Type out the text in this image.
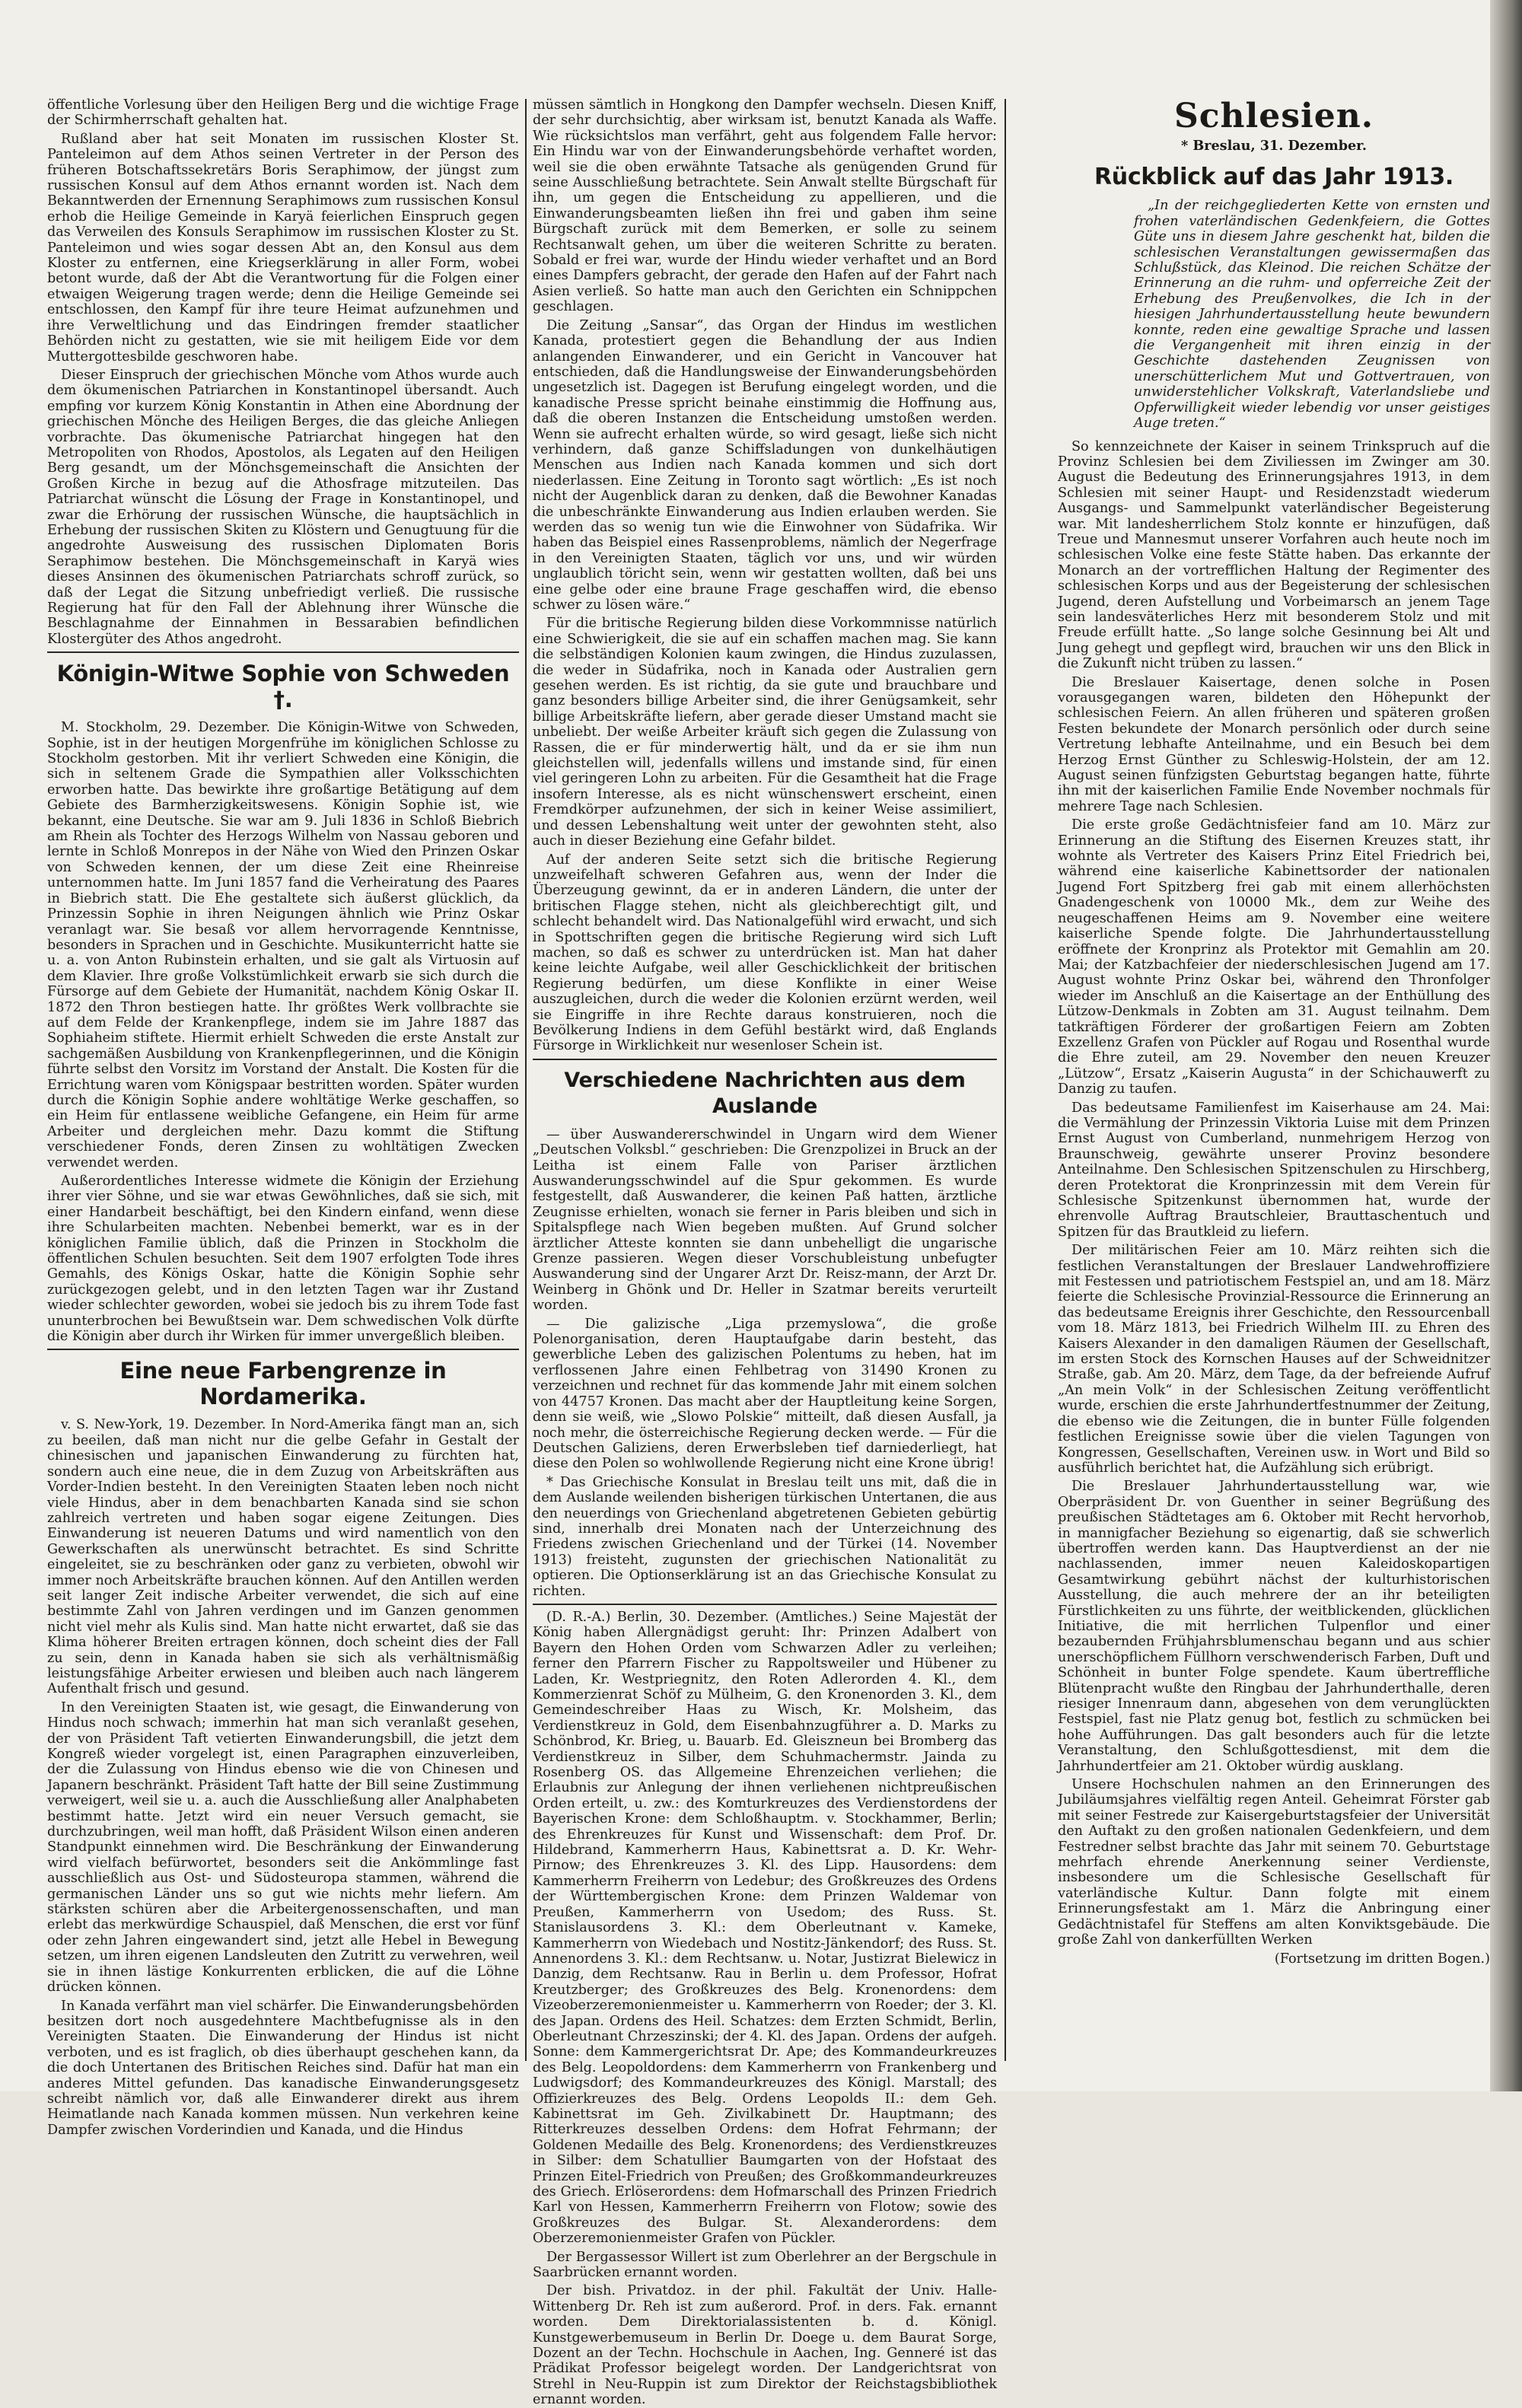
öffentliche Vorlesung über den Heiligen Berg und die wichtige Frage der Schirmherrschaft gehalten hat.

Rußland aber hat seit Monaten im russischen Kloster St. Panteleimon auf dem Athos seinen Vertreter in der Person des früheren Botschaftssekretärs Boris Seraphimow, der jüngst zum russischen Konsul auf dem Athos ernannt worden ist. Nach dem Bekanntwerden der Ernennung Seraphimows zum russischen Konsul erhob die Heilige Gemeinde in Karyä feierlichen Einspruch gegen das Verweilen des Konsuls Seraphimow im russischen Kloster zu St. Panteleimon und wies sogar dessen Abt an, den Konsul aus dem Kloster zu entfernen, eine Kriegserklärung in aller Form, wobei betont wurde, daß der Abt die Verantwortung für die Folgen einer etwaigen Weigerung tragen werde; denn die Heilige Gemeinde sei entschlossen, den Kampf für ihre teure Heimat aufzunehmen und ihre Verweltlichung und das Eindringen fremder staatlicher Behörden nicht zu gestatten, wie sie mit heiligem Eide vor dem Muttergottesbilde geschworen habe.

Dieser Einspruch der griechischen Mönche vom Athos wurde auch dem ökumenischen Patriarchen in Konstantinopel übersandt. Auch empfing vor kurzem König Konstantin in Athen eine Abordnung der griechischen Mönche des Heiligen Berges, die das gleiche Anliegen vorbrachte. Das ökumenische Patriarchat hingegen hat den Metropoliten von Rhodos, Apostolos, als Legaten auf den Heiligen Berg gesandt, um der Mönchsgemeinschaft die Ansichten der Großen Kirche in bezug auf die Athosfrage mitzuteilen. Das Patriarchat wünscht die Lösung der Frage in Konstantinopel, und zwar die Erhörung der russischen Wünsche, die hauptsächlich in Erhebung der russischen Skiten zu Klöstern und Genugtuung für die angedrohte Ausweisung des russischen Diplomaten Boris Seraphimow bestehen. Die Mönchsgemeinschaft in Karyä wies dieses Ansinnen des ökumenischen Patriarchats schroff zurück, so daß der Legat die Sitzung unbefriedigt verließ. Die russische Regierung hat für den Fall der Ablehnung ihrer Wünsche die Beschlagnahme der Einnahmen in Bessarabien befindlichen Klostergüter des Athos angedroht.

Königin-Witwe Sophie von Schweden †.

M. Stockholm, 29. Dezember. Die Königin-Witwe von Schweden, Sophie, ist in der heutigen Morgenfrühe im königlichen Schlosse zu Stockholm gestorben. Mit ihr verliert Schweden eine Königin, die sich in seltenem Grade die Sympathien aller Volksschichten erworben hatte. Das bewirkte ihre großartige Betätigung auf dem Gebiete des Barmherzigkeitswesens. Königin Sophie ist, wie bekannt, eine Deutsche. Sie war am 9. Juli 1836 in Schloß Biebrich am Rhein als Tochter des Herzogs Wilhelm von Nassau geboren und lernte in Schloß Monrepos in der Nähe von Wied den Prinzen Oskar von Schweden kennen, der um diese Zeit eine Rheinreise unternommen hatte. Im Juni 1857 fand die Verheiratung des Paares in Biebrich statt. Die Ehe gestaltete sich äußerst glücklich, da Prinzessin Sophie in ihren Neigungen ähnlich wie Prinz Oskar veranlagt war. Sie besaß vor allem hervorragende Kenntnisse, besonders in Sprachen und in Geschichte. Musikunterricht hatte sie u. a. von Anton Rubinstein erhalten, und sie galt als Virtuosin auf dem Klavier. Ihre große Volkstümlichkeit erwarb sie sich durch die Fürsorge auf dem Gebiete der Humanität, nachdem König Oskar II. 1872 den Thron bestiegen hatte. Ihr größtes Werk vollbrachte sie auf dem Felde der Krankenpflege, indem sie im Jahre 1887 das Sophiaheim stiftete. Hiermit erhielt Schweden die erste Anstalt zur sachgemäßen Ausbildung von Krankenpflegerinnen, und die Königin führte selbst den Vorsitz im Vorstand der Anstalt. Die Kosten für die Errichtung waren vom Königspaar bestritten worden. Später wurden durch die Königin Sophie andere wohltätige Werke geschaffen, so ein Heim für entlassene weibliche Gefangene, ein Heim für arme Arbeiter und dergleichen mehr. Dazu kommt die Stiftung verschiedener Fonds, deren Zinsen zu wohltätigen Zwecken verwendet werden.

Außerordentliches Interesse widmete die Königin der Erziehung ihrer vier Söhne, und sie war etwas Gewöhnliches, daß sie sich, mit einer Handarbeit beschäftigt, bei den Kindern einfand, wenn diese ihre Schularbeiten machten. Nebenbei bemerkt, war es in der königlichen Familie üblich, daß die Prinzen in Stockholm die öffentlichen Schulen besuchten. Seit dem 1907 erfolgten Tode ihres Gemahls, des Königs Oskar, hatte die Königin Sophie sehr zurückgezogen gelebt, und in den letzten Tagen war ihr Zustand wieder schlechter geworden, wobei sie jedoch bis zu ihrem Tode fast ununterbrochen bei Bewußtsein war. Dem schwedischen Volk dürfte die Königin aber durch ihr Wirken für immer unvergeßlich bleiben.

Eine neue Farbengrenze in Nordamerika.

v. S. New-York, 19. Dezember. In Nord-Amerika fängt man an, sich zu beeilen, daß man nicht nur die gelbe Gefahr in Gestalt der chinesischen und japanischen Einwanderung zu fürchten hat, sondern auch eine neue, die in dem Zuzug von Arbeitskräften aus Vorder-Indien besteht. In den Vereinigten Staaten leben noch nicht viele Hindus, aber in dem benachbarten Kanada sind sie schon zahlreich vertreten und haben sogar eigene Zeitungen. Dies Einwanderung ist neueren Datums und wird namentlich von den Gewerkschaften als unerwünscht betrachtet. Es sind Schritte eingeleitet, sie zu beschränken oder ganz zu verbieten, obwohl wir immer noch Arbeitskräfte brauchen können. Auf den Antillen werden seit langer Zeit indische Arbeiter verwendet, die sich auf eine bestimmte Zahl von Jahren verdingen und im Ganzen genommen nicht viel mehr als Kulis sind. Man hatte nicht erwartet, daß sie das Klima höherer Breiten ertragen können, doch scheint dies der Fall zu sein, denn in Kanada haben sie sich als verhältnismäßig leistungsfähige Arbeiter erwiesen und bleiben auch nach längerem Aufenthalt frisch und gesund.

In den Vereinigten Staaten ist, wie gesagt, die Einwanderung von Hindus noch schwach; immerhin hat man sich veranlaßt gesehen, der von Präsident Taft vetierten Einwanderungsbill, die jetzt dem Kongreß wieder vorgelegt ist, einen Paragraphen einzuverleiben, der die Zulassung von Hindus ebenso wie die von Chinesen und Japanern beschränkt. Präsident Taft hatte der Bill seine Zustimmung verweigert, weil sie u. a. auch die Ausschließung aller Analphabeten bestimmt hatte. Jetzt wird ein neuer Versuch gemacht, sie durchzubringen, weil man hofft, daß Präsident Wilson einen anderen Standpunkt einnehmen wird. Die Beschränkung der Einwanderung wird vielfach befürwortet, besonders seit die Ankömmlinge fast ausschließlich aus Ost- und Südosteuropa stammen, während die germanischen Länder uns so gut wie nichts mehr liefern. Am stärksten schüren aber die Arbeitergenossenschaften, und man erlebt das merkwürdige Schauspiel, daß Menschen, die erst vor fünf oder zehn Jahren eingewandert sind, jetzt alle Hebel in Bewegung setzen, um ihren eigenen Landsleuten den Zutritt zu verwehren, weil sie in ihnen lästige Konkurrenten erblicken, die auf die Löhne drücken können.

In Kanada verfährt man viel schärfer. Die Einwanderungsbehörden besitzen dort noch ausgedehntere Machtbefugnisse als in den Vereinigten Staaten. Die Einwanderung der Hindus ist nicht verboten, und es ist fraglich, ob dies überhaupt geschehen kann, da die doch Untertanen des Britischen Reiches sind. Dafür hat man ein anderes Mittel gefunden. Das kanadische Einwanderungsgesetz schreibt nämlich vor, daß alle Einwanderer direkt aus ihrem Heimatlande nach Kanada kommen müssen. Nun verkehren keine Dampfer zwischen Vorderindien und Kanada, und die Hindus

müssen sämtlich in Hongkong den Dampfer wechseln. Diesen Kniff, der sehr durchsichtig, aber wirksam ist, benutzt Kanada als Waffe. Wie rücksichtslos man verfährt, geht aus folgendem Falle hervor: Ein Hindu war von der Einwanderungsbehörde verhaftet worden, weil sie die oben erwähnte Tatsache als genügenden Grund für seine Ausschließung betrachtete. Sein Anwalt stellte Bürgschaft für ihn, um gegen die Entscheidung zu appellieren, und die Einwanderungsbeamten ließen ihn frei und gaben ihm seine Bürgschaft zurück mit dem Bemerken, er solle zu seinem Rechtsanwalt gehen, um über die weiteren Schritte zu beraten. Sobald er frei war, wurde der Hindu wieder verhaftet und an Bord eines Dampfers gebracht, der gerade den Hafen auf der Fahrt nach Asien verließ. So hatte man auch den Gerichten ein Schnippchen geschlagen.

Die Zeitung „Sansar“, das Organ der Hindus im westlichen Kanada, protestiert gegen die Behandlung der aus Indien anlangenden Einwanderer, und ein Gericht in Vancouver hat entschieden, daß die Handlungsweise der Einwanderungsbehörden ungesetzlich ist. Dagegen ist Berufung eingelegt worden, und die kanadische Presse spricht beinahe einstimmig die Hoffnung aus, daß die oberen Instanzen die Entscheidung umstoßen werden. Wenn sie aufrecht erhalten würde, so wird gesagt, ließe sich nicht verhindern, daß ganze Schiffsladungen von dunkelhäutigen Menschen aus Indien nach Kanada kommen und sich dort niederlassen. Eine Zeitung in Toronto sagt wörtlich: „Es ist noch nicht der Augenblick daran zu denken, daß die Bewohner Kanadas die unbeschränkte Einwanderung aus Indien erlauben werden. Sie werden das so wenig tun wie die Einwohner von Südafrika. Wir haben das Beispiel eines Rassenproblems, nämlich der Negerfrage in den Vereinigten Staaten, täglich vor uns, und wir würden unglaublich töricht sein, wenn wir gestatten wollten, daß bei uns eine gelbe oder eine braune Frage geschaffen wird, die ebenso schwer zu lösen wäre.“

Für die britische Regierung bilden diese Vorkommnisse natürlich eine Schwierigkeit, die sie auf ein schaffen machen mag. Sie kann die selbständigen Kolonien kaum zwingen, die Hindus zuzulassen, die weder in Südafrika, noch in Kanada oder Australien gern gesehen werden. Es ist richtig, da sie gute und brauchbare und ganz besonders billige Arbeiter sind, die ihrer Genügsamkeit, sehr billige Arbeitskräfte liefern, aber gerade dieser Umstand macht sie unbeliebt. Der weiße Arbeiter kräuft sich gegen die Zulassung von Rassen, die er für minderwertig hält, und da er sie ihm nun gleichstellen will, jedenfalls willens und imstande sind, für einen viel geringeren Lohn zu arbeiten. Für die Gesamtheit hat die Frage insofern Interesse, als es nicht wünschenswert erscheint, einen Fremdkörper aufzunehmen, der sich in keiner Weise assimiliert, und dessen Lebenshaltung weit unter der gewohnten steht, also auch in dieser Beziehung eine Gefahr bildet.

Auf der anderen Seite setzt sich die britische Regierung unzweifelhaft schweren Gefahren aus, wenn der Inder die Überzeugung gewinnt, da er in anderen Ländern, die unter der britischen Flagge stehen, nicht als gleichberechtigt gilt, und schlecht behandelt wird. Das Nationalgefühl wird erwacht, und sich in Spottschriften gegen die britische Regierung wird sich Luft machen, so daß es schwer zu unterdrücken ist. Man hat daher keine leichte Aufgabe, weil aller Geschicklichkeit der britischen Regierung bedürfen, um diese Konflikte in einer Weise auszugleichen, durch die weder die Kolonien erzürnt werden, weil sie Eingriffe in ihre Rechte daraus konstruieren, noch die Bevölkerung Indiens in dem Gefühl bestärkt wird, daß Englands Fürsorge in Wirklichkeit nur wesenloser Schein ist.

Verschiedene Nachrichten aus dem Auslande

— über Auswandererschwindel in Ungarn wird dem Wiener „Deutschen Volksbl.“ geschrieben: Die Grenzpolizei in Bruck an der Leitha ist einem Falle von Pariser ärztlichen Auswanderungsschwindel auf die Spur gekommen. Es wurde festgestellt, daß Auswanderer, die keinen Paß hatten, ärztliche Zeugnisse erhielten, wonach sie ferner in Paris bleiben und sich in Spitalspflege nach Wien begeben mußten. Auf Grund solcher ärztlicher Atteste konnten sie dann unbehelligt die ungarische Grenze passieren. Wegen dieser Vorschubleistung unbefugter Auswanderung sind der Ungarer Arzt Dr. Reisz-mann, der Arzt Dr. Weinberg in Ghönk und Dr. Heller in Szatmar bereits verurteilt worden.

— Die galizische „Liga przemyslowa“, die große Polenorganisation, deren Hauptaufgabe darin besteht, das gewerbliche Leben des galizischen Polentums zu heben, hat im verflossenen Jahre einen Fehlbetrag von 31490 Kronen zu verzeichnen und rechnet für das kommende Jahr mit einem solchen von 44757 Kronen. Das macht aber der Hauptleitung keine Sorgen, denn sie weiß, wie „Slowo Polskie“ mitteilt, daß diesen Ausfall, ja noch mehr, die österreichische Regierung decken werde. — Für die Deutschen Galiziens, deren Erwerbsleben tief darniederliegt, hat diese den Polen so wohlwollende Regierung nicht eine Krone übrig!

* Das Griechische Konsulat in Breslau teilt uns mit, daß die in dem Auslande weilenden bisherigen türkischen Untertanen, die aus den neuerdings von Griechenland abgetretenen Gebieten gebürtig sind, innerhalb drei Monaten nach der Unterzeichnung des Friedens zwischen Griechenland und der Türkei (14. November 1913) freisteht, zugunsten der griechischen Nationalität zu optieren. Die Optionserklärung ist an das Griechische Konsulat zu richten.

(D. R.-A.) Berlin, 30. Dezember. (Amtliches.) Seine Majestät der König haben Allergnädigst geruht: Ihr: Prinzen Adalbert von Bayern den Hohen Orden vom Schwarzen Adler zu verleihen; ferner den Pfarrern Fischer zu Rappoltsweiler und Hübener zu Laden, Kr. Westpriegnitz, den Roten Adlerorden 4. Kl., dem Kommerzienrat Schöf zu Mülheim, G. den Kronenorden 3. Kl., dem Gemeindeschreiber Haas zu Wisch, Kr. Molsheim, das Verdienstkreuz in Gold, dem Eisenbahnzugführer a. D. Marks zu Schönbrod, Kr. Brieg, u. Bauarb. Ed. Gleiszneun bei Bromberg das Verdienstkreuz in Silber, dem Schuhmachermstr. Jainda zu Rosenberg OS. das Allgemeine Ehrenzeichen verliehen; die Erlaubnis zur Anlegung der ihnen verliehenen nichtpreußischen Orden erteilt, u. zw.: des Komturkreuzes des Verdienstordens der Bayerischen Krone: dem Schloßhauptm. v. Stockhammer, Berlin; des Ehrenkreuzes für Kunst und Wissenschaft: dem Prof. Dr. Hildebrand, Kammerherrn Haus, Kabinettsrat a. D. Kr. Wehr-Pirnow; des Ehrenkreuzes 3. Kl. des Lipp. Hausordens: dem Kammerherrn Freiherrn von Ledebur; des Großkreuzes des Ordens der Württembergischen Krone: dem Prinzen Waldemar von Preußen, Kammerherrn von Usedom; des Russ. St. Stanislausordens 3. Kl.: dem Oberleutnant v. Kameke, Kammerherrn von Wiedebach und Nostitz-Jänkendorf; des Russ. St. Annenordens 3. Kl.: dem Rechtsanw. u. Notar, Justizrat Bielewicz in Danzig, dem Rechtsanw. Rau in Berlin u. dem Professor, Hofrat Kreutzberger; des Großkreuzes des Belg. Kronenordens: dem Vizeoberzeremonienmeister u. Kammerherrn von Roeder; der 3. Kl. des Japan. Ordens des Heil. Schatzes: dem Erzten Schmidt, Berlin, Oberleutnant Chrzeszinski; der 4. Kl. des Japan. Ordens der aufgeh. Sonne: dem Kammergerichtsrat Dr. Ape; des Kommandeurkreuzes des Belg. Leopoldordens: dem Kammerherrn von Frankenberg und Ludwigsdorf; des Kommandeurkreuzes des Königl. Marstall; des Offizierkreuzes des Belg. Ordens Leopolds II.: dem Geh. Kabinettsrat im Geh. Zivilkabinett Dr. Hauptmann; des Ritterkreuzes desselben Ordens: dem Hofrat Fehrmann; der Goldenen Medaille des Belg. Kronenordens; des Verdienstkreuzes in Silber: dem Schatullier Baumgarten von der Hofstaat des Prinzen Eitel-Friedrich von Preußen; des Großkommandeurkreuzes des Griech. Erlöserordens: dem Hofmarschall des Prinzen Friedrich Karl von Hessen, Kammerherrn Freiherrn von Flotow; sowie des Großkreuzes des Bulgar. St. Alexanderordens: dem Oberzeremonienmeister Grafen von Pückler.

Der Bergassessor Willert ist zum Oberlehrer an der Bergschule in Saarbrücken ernannt worden.

Der bish. Privatdoz. in der phil. Fakultät der Univ. Halle-Wittenberg Dr. Reh ist zum außerord. Prof. in ders. Fak. ernannt worden. Dem Direktorialassistenten b. d. Königl. Kunstgewerbemuseum in Berlin Dr. Doege u. dem Baurat Sorge, Dozent an der Techn. Hochschule in Aachen, Ing. Genneré ist das Prädikat Professor beigelegt worden. Der Landgerichtsrat von Strehl in Neu-Ruppin ist zum Direktor der Reichstagsbibliothek ernannt worden.

Schlesien.

* Breslau, 31. Dezember.

Rückblick auf das Jahr 1913.

„In der reichgegliederten Kette von ernsten und frohen vaterländischen Gedenkfeiern, die Gottes Güte uns in diesem Jahre geschenkt hat, bilden die schlesischen Veranstaltungen gewissermaßen das Schlußstück, das Kleinod. Die reichen Schätze der Erinnerung an die ruhm- und opferreiche Zeit der Erhebung des Preußenvolkes, die Ich in der hiesigen Jahrhundertausstellung heute bewundern konnte, reden eine gewaltige Sprache und lassen die Vergangenheit mit ihren einzig in der Geschichte dastehenden Zeugnissen von unerschütterlichem Mut und Gottvertrauen, von unwiderstehlicher Volkskraft, Vaterlandsliebe und Opferwilligkeit wieder lebendig vor unser geistiges Auge treten.“

So kennzeichnete der Kaiser in seinem Trinkspruch auf die Provinz Schlesien bei dem Ziviliessen im Zwinger am 30. August die Bedeutung des Erinnerungsjahres 1913, in dem Schlesien mit seiner Haupt- und Residenzstadt wiederum Ausgangs- und Sammelpunkt vaterländischer Begeisterung war. Mit landesherrlichem Stolz konnte er hinzufügen, daß Treue und Mannesmut unserer Vorfahren auch heute noch im schlesischen Volke eine feste Stätte haben. Das erkannte der Monarch an der vortrefflichen Haltung der Regimenter des schlesischen Korps und aus der Begeisterung der schlesischen Jugend, deren Aufstellung und Vorbeimarsch an jenem Tage sein landesväterliches Herz mit besonderem Stolz und mit Freude erfüllt hatte. „So lange solche Gesinnung bei Alt und Jung gehegt und gepflegt wird, brauchen wir uns den Blick in die Zukunft nicht trüben zu lassen.“

Die Breslauer Kaisertage, denen solche in Posen vorausgegangen waren, bildeten den Höhepunkt der schlesischen Feiern. An allen früheren und späteren großen Festen bekundete der Monarch persönlich oder durch seine Vertretung lebhafte Anteilnahme, und ein Besuch bei dem Herzog Ernst Günther zu Schleswig-Holstein, der am 12. August seinen fünfzigsten Geburtstag begangen hatte, führte ihn mit der kaiserlichen Familie Ende November nochmals für mehrere Tage nach Schlesien.

Die erste große Gedächtnisfeier fand am 10. März zur Erinnerung an die Stiftung des Eisernen Kreuzes statt, ihr wohnte als Vertreter des Kaisers Prinz Eitel Friedrich bei, während eine kaiserliche Kabinettsorder der nationalen Jugend Fort Spitzberg frei gab mit einem allerhöchsten Gnadengeschenk von 10000 Mk., dem zur Weihe des neugeschaffenen Heims am 9. November eine weitere kaiserliche Spende folgte. Die Jahrhundertausstellung eröffnete der Kronprinz als Protektor mit Gemahlin am 20. Mai; der Katzbachfeier der niederschlesischen Jugend am 17. August wohnte Prinz Oskar bei, während den Thronfolger wieder im Anschluß an die Kaisertage an der Enthüllung des Lützow-Denkmals in Zobten am 31. August teilnahm. Dem tatkräftigen Förderer der großartigen Feiern am Zobten Exzellenz Grafen von Pückler auf Rogau und Rosenthal wurde die Ehre zuteil, am 29. November den neuen Kreuzer „Lützow“, Ersatz „Kaiserin Augusta“ in der Schichauwerft zu Danzig zu taufen.

Das bedeutsame Familienfest im Kaiserhause am 24. Mai: die Vermählung der Prinzessin Viktoria Luise mit dem Prinzen Ernst August von Cumberland, nunmehrigem Herzog von Braunschweig, gewährte unserer Provinz besondere Anteilnahme. Den Schlesischen Spitzenschulen zu Hirschberg, deren Protektorat die Kronprinzessin mit dem Verein für Schlesische Spitzenkunst übernommen hat, wurde der ehrenvolle Auftrag Brautschleier, Brauttaschentuch und Spitzen für das Brautkleid zu liefern.

Der militärischen Feier am 10. März reihten sich die festlichen Veranstaltungen der Breslauer Landwehroffiziere mit Festessen und patriotischem Festspiel an, und am 18. März feierte die Schlesische Provinzial-Ressource die Erinnerung an das bedeutsame Ereignis ihrer Geschichte, den Ressourcenball vom 18. März 1813, bei Friedrich Wilhelm III. zu Ehren des Kaisers Alexander in den damaligen Räumen der Gesellschaft, im ersten Stock des Kornschen Hauses auf der Schweidnitzer Straße, gab. Am 20. März, dem Tage, da der befreiende Aufruf „An mein Volk“ in der Schlesischen Zeitung veröffentlicht wurde, erschien die erste Jahrhundertfestnummer der Zeitung, die ebenso wie die Zeitungen, die in bunter Fülle folgenden festlichen Ereignisse sowie über die vielen Tagungen von Kongressen, Gesellschaften, Vereinen usw. in Wort und Bild so ausführlich berichtet hat, die Aufzählung sich erübrigt.

Die Breslauer Jahrhundertausstellung war, wie Oberpräsident Dr. von Guenther in seiner Begrüßung des preußischen Städtetages am 6. Oktober mit Recht hervorhob, in mannigfacher Beziehung so eigenartig, daß sie schwerlich übertroffen werden kann. Das Hauptverdienst an der nie nachlassenden, immer neuen Kaleidoskopartigen Gesamtwirkung gebührt nächst der kulturhistorischen Ausstellung, die auch mehrere der an ihr beteiligten Fürstlichkeiten zu uns führte, der weitblickenden, glücklichen Initiative, die mit herrlichen Tulpenflor und einer bezaubernden Frühjahrsblumenschau begann und aus schier unerschöpflichem Füllhorn verschwenderisch Farben, Duft und Schönheit in bunter Folge spendete. Kaum übertreffliche Blütenpracht wußte den Ringbau der Jahrhunderthalle, deren riesiger Innenraum dann, abgesehen von dem verunglückten Festspiel, fast nie Platz genug bot, festlich zu schmücken bei hohe Aufführungen. Das galt besonders auch für die letzte Veranstaltung, den Schlußgottesdienst, mit dem die Jahrhundertfeier am 21. Oktober würdig ausklang.

Unsere Hochschulen nahmen an den Erinnerungen des Jubiläumsjahres vielfältig regen Anteil. Geheimrat Förster gab mit seiner Festrede zur Kaisergeburtstagsfeier der Universität den Auftakt zu den großen nationalen Gedenkfeiern, und dem Festredner selbst brachte das Jahr mit seinem 70. Geburtstage mehrfach ehrende Anerkennung seiner Verdienste, insbesondere um die Schlesische Gesellschaft für vaterländische Kultur. Dann folgte mit einem Erinnerungsfestakt am 1. März die Anbringung einer Gedächtnistafel für Steffens am alten Konviktsgebäude. Die große Zahl von dankerfüllten Werken

(Fortsetzung im dritten Bogen.)
